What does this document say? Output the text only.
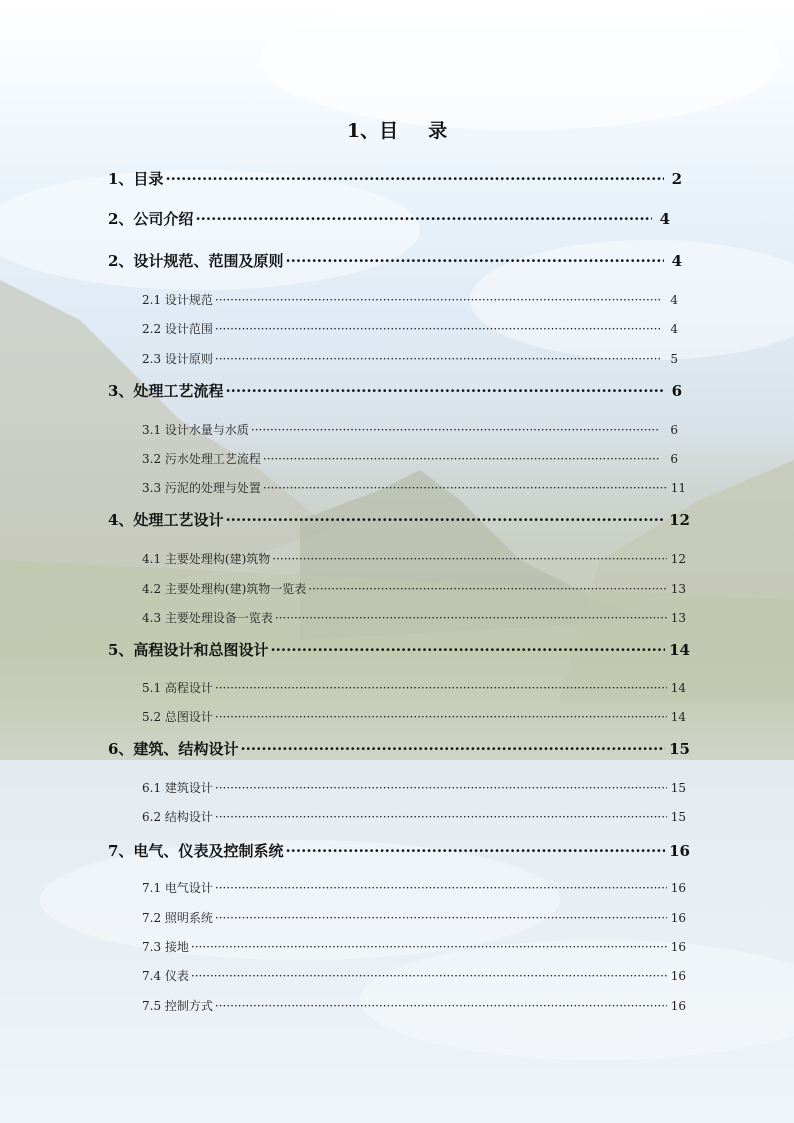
1、目 录
1、目录 ·····	2
2、公司介绍 ·····	4
2、设计规范、范围及原则 ·····	4
2.1 设计规范 ·····	4
2.2 设计范围 ·····	4
2.3 设计原则 ·····	5
3、处理工艺流程 ·····	6
3.1 设计水量与水质 ·····	6
3.2 污水处理工艺流程 ·····	6
3.3 污泥的处理与处置 ·····	11
4、处理工艺设计 ·····	12
4.1 主要处理构(建)筑物 ·····	12
4.2 主要处理构(建)筑物一览表 ·····	13
4.3 主要处理设备一览表 ·····	13
5、高程设计和总图设计 ·····	14
5.1 高程设计 ·····	14
5.2 总图设计 ·····	14
6、建筑、结构设计 ·····	15
6.1 建筑设计 ·····	15
6.2 结构设计 ·····	15
7、电气、仪表及控制系统 ·····	16
7.1 电气设计 ·····	16
7.2 照明系统 ·····	16
7.3 接地 ·····	16
7.4 仪表 ·····	16
7.5 控制方式 ·····	16
